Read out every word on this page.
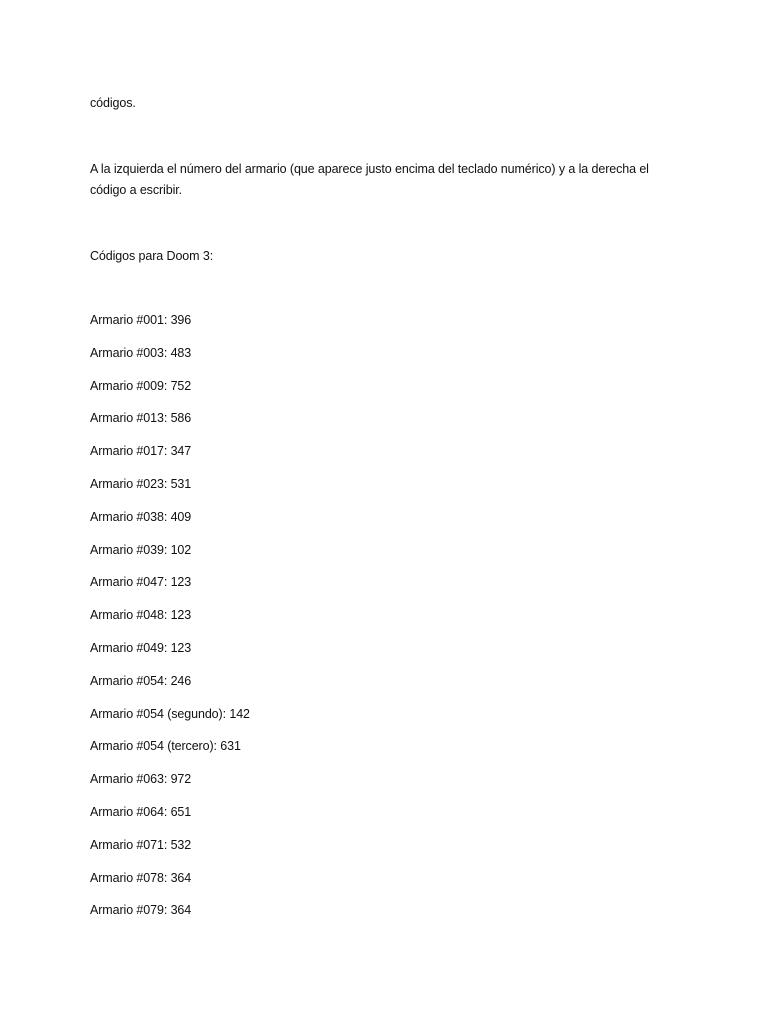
códigos.
A la izquierda el número del armario (que aparece justo encima del teclado numérico) y a la derecha el
código a escribir.
Códigos para Doom 3:
Armario #001: 396
Armario #003: 483
Armario #009: 752
Armario #013: 586
Armario #017: 347
Armario #023: 531
Armario #038: 409
Armario #039: 102
Armario #047: 123
Armario #048: 123
Armario #049: 123
Armario #054: 246
Armario #054 (segundo): 142
Armario #054 (tercero): 631
Armario #063: 972
Armario #064: 651
Armario #071: 532
Armario #078: 364
Armario #079: 364
